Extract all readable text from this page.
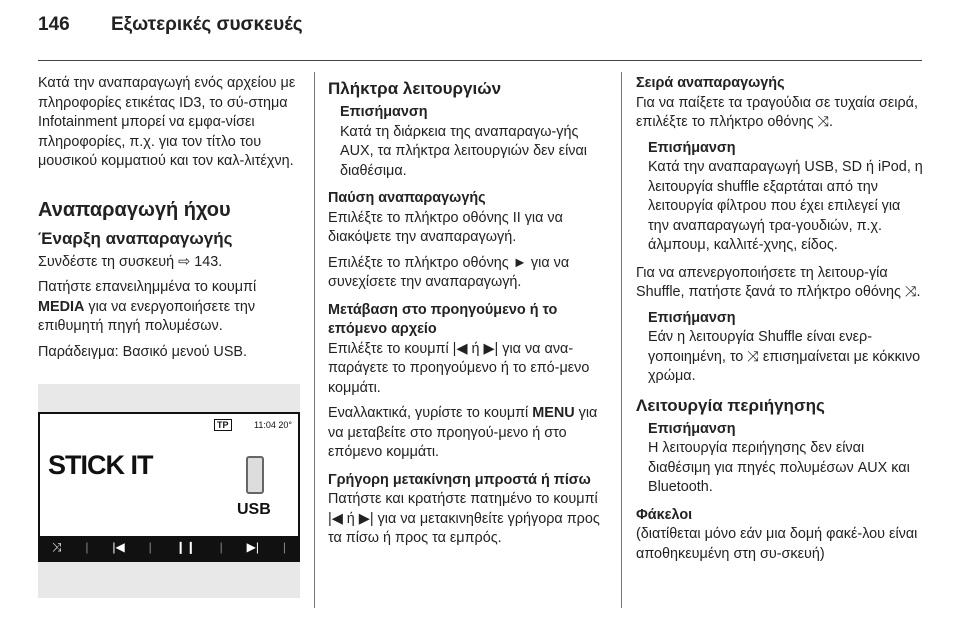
146 Εξωτερικές συσκευές

Κατά την αναπαραγωγή ενός αρχείου με πληροφορίες ετικέτας ID3, το σύ-στημα Infotainment μπορεί να εμφα-νίσει πληροφορίες, π.χ. για τον τίτλο του μουσικού κομματιού και τον καλ-λιτέχνη.

Αναπαραγωγή ήχου
Έναρξη αναπαραγωγής

Συνδέστε τη συσκευή ⇨ 143.

Πατήστε επανειλημμένα το κουμπί MEDIA για να ενεργοποιήσετε την επιθυμητή πηγή πολυμέσων.

Παράδειγμα: Βασικό μενού USB.

TP	11:04 20°
STICK IT
USB
⤨ | |◀ | ❙❙ | ▶| |
Πλήκτρα λειτουργιών
Επισήμανση
Κατά τη διάρκεια της αναπαραγω-γής AUX, τα πλήκτρα λειτουργιών δεν είναι διαθέσιμα.
Παύση αναπαραγωγής

Επιλέξτε το πλήκτρο οθόνης II για να διακόψετε την αναπαραγωγή.

Επιλέξτε το πλήκτρο οθόνης ► για να συνεχίσετε την αναπαραγωγή.

Μετάβαση στο προηγούμενο ή το επόμενο αρχείο

Επιλέξτε το κουμπί |◀ ή ▶| για να ανα-παράγετε το προηγούμενο ή το επό-μενο κομμάτι.

Εναλλακτικά, γυρίστε το κουμπί MENU για να μεταβείτε στο προηγού-μενο ή στο επόμενο κομμάτι.

Γρήγορη μετακίνηση μπροστά ή πίσω

Πατήστε και κρατήστε πατημένο το κουμπί |◀ ή ▶| για να μετακινηθείτε γρήγορα προς τα πίσω ή προς τα εμπρός.

Σειρά αναπαραγωγής

Για να παίξετε τα τραγούδια σε τυχαία σειρά, επιλέξτε το πλήκτρο οθόνης ⤨.

Επισήμανση
Κατά την αναπαραγωγή USB, SD ή iPod, η λειτουργία shuffle εξαρτάται από την λειτουργία φίλτρου που έχει επιλεγεί για την αναπαραγωγή τρα-γουδιών, π.χ. άλμπουμ, καλλιτέ-χνης, είδος.

Για να απενεργοποιήσετε τη λειτουρ-γία Shuffle, πατήστε ξανά το πλήκτρο οθόνης ⤨.

Επισήμανση
Εάν η λειτουργία Shuffle είναι ενερ-γοποιημένη, το ⤨ επισημαίνεται με κόκκινο χρώμα.
Λειτουργία περιήγησης
Επισήμανση
Η λειτουργία περιήγησης δεν είναι διαθέσιμη για πηγές πολυμέσων AUX και Bluetooth.
Φάκελοι

(διατίθεται μόνο εάν μια δομή φακέ-λου είναι αποθηκευμένη στη συ-σκευή)
